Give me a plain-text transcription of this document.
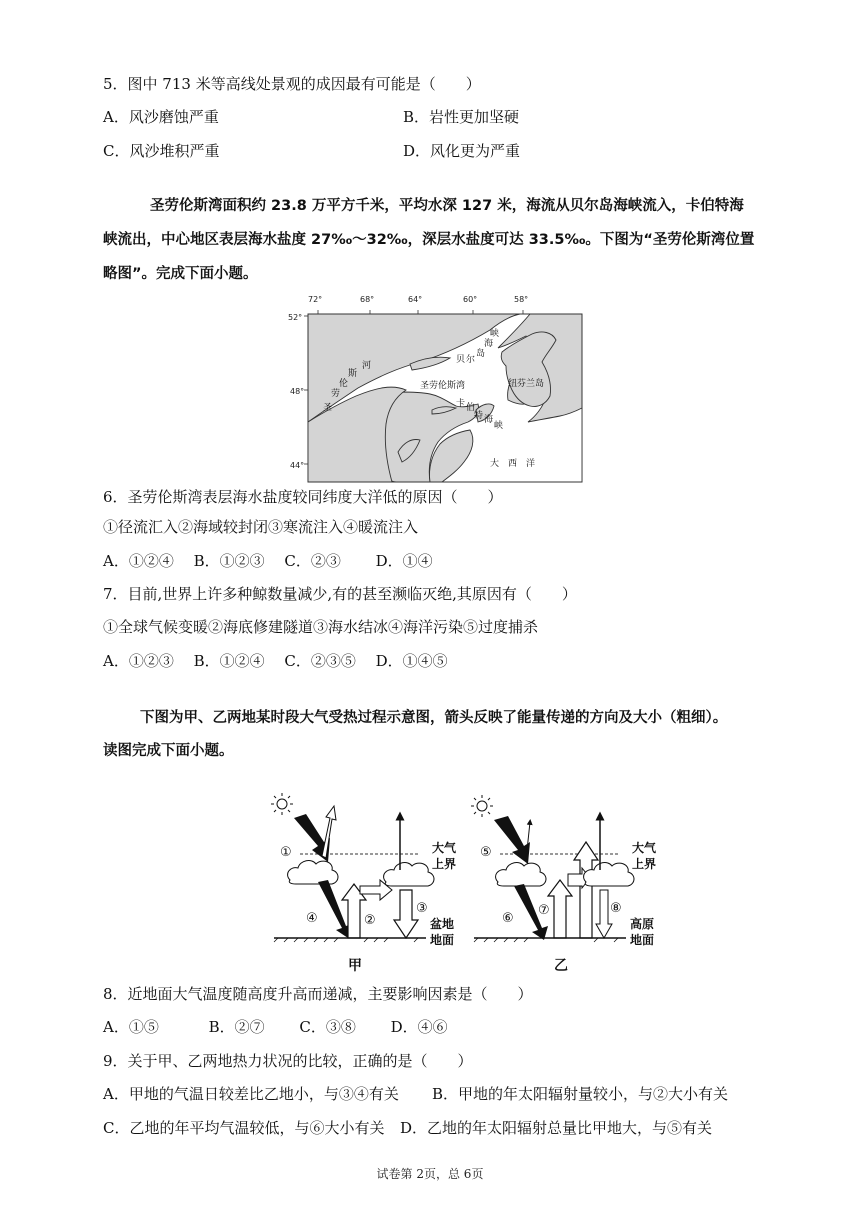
5．图中 713 米等高线处景观的成因最有可能是（　　）
A．风沙磨蚀严重	B．岩性更加坚硬
C．风沙堆积严重	D．风化更为严重
圣劳伦斯湾面积约 23.8 万平方千米，平均水深 127 米，海流从贝尔岛海峡流入，卡伯特海
峡流出，中心地区表层海水盐度 27‰～32‰，深层水盐度可达 33.5‰。下图为“圣劳伦斯湾位置
略图”。完成下面小题。
72°	68°	64°	60°	58°
52°
48°
44°
圣
劳
伦
斯
河
贝 尔
岛
海
峡
圣劳伦斯湾	纽芬兰岛
卡 伯
特 海
峡
大　西　洋
6．圣劳伦斯湾表层海水盐度较同纬度大洋低的原因（　　）
①径流汇入②海域较封闭③寒流注入④暖流注入
A．①②④　 B．①②③　 C．②③　　 D．①④
7．目前,世界上许多种鲸数量减少,有的甚至濒临灭绝,其原因有（　　）
①全球气候变暖②海底修建隧道③海水结冰④海洋污染⑤过度捕杀
A．①②③　 B．①②④　 C．②③⑤　 D．①④⑤
下图为甲、乙两地某时段大气受热过程示意图，箭头反映了能量传递的方向及大小（粗细）。
读图完成下面小题。
①
②
③
④
大气
上界
盆地
地面
甲
⑤
⑥
⑦	⑧
大气
上界
高原
地面
乙
8．近地面大气温度随高度升高而递减，主要影响因素是（　　）
A．①⑤　　　 B．②⑦　　 C．③⑧　　 D．④⑥
9．关于甲、乙两地热力状况的比较，正确的是（　　）
A．甲地的气温日较差比乙地小，与③④有关 B．甲地的年太阳辐射量较小，与②大小有关
C．乙地的年平均气温较低，与⑥大小有关 D．乙地的年太阳辐射总量比甲地大，与⑤有关
试卷第 2页，总 6页
